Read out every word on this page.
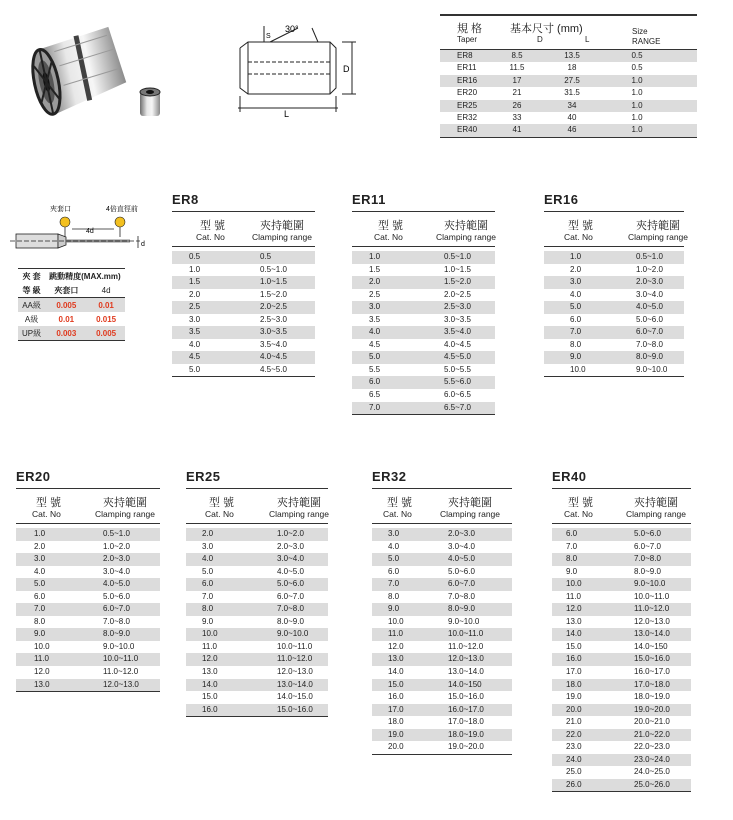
30°
L
D
S
規 格
Taper
基本尺寸 (mm)
D	L
Size
RANGE
ER8	8.5	13.5	0.5
ER11	11.5	18	0.5
ER16	17	27.5	1.0
ER20	21	31.5	1.0
ER25	26	34	1.0
ER32	33	40	1.0
ER40	41	46	1.0
夾套口	4倍直徑前
4d
d
夾 套	跳動精度(MAX.mm)	
等 級	夾套口	4d
AA級	0.005	0.01
A級	0.01	0.015
UP級	0.003	0.005
ER8
型 號
Cat. No
夾持範圍
Clamping range
0.5	0.5
1.0	0.5~1.0
1.5	1.0~1.5
2.0	1.5~2.0
2.5	2.0~2.5
3.0	2.5~3.0
3.5	3.0~3.5
4.0	3.5~4.0
4.5	4.0~4.5
5.0	4.5~5.0
ER11
型 號
Cat. No
夾持範圍
Clamping range
1.0	0.5~1.0
1.5	1.0~1.5
2.0	1.5~2.0
2.5	2.0~2.5
3.0	2.5~3.0
3.5	3.0~3.5
4.0	3.5~4.0
4.5	4.0~4.5
5.0	4.5~5.0
5.5	5.0~5.5
6.0	5.5~6.0
6.5	6.0~6.5
7.0	6.5~7.0
ER16
型 號
Cat. No
夾持範圍
Clamping range
1.0	0.5~1.0
2.0	1.0~2.0
3.0	2.0~3.0
4.0	3.0~4.0
5.0	4.0~5.0
6.0	5.0~6.0
7.0	6.0~7.0
8.0	7.0~8.0
9.0	8.0~9.0
10.0	9.0~10.0
ER20
型 號
Cat. No
夾持範圍
Clamping range
1.0	0.5~1.0
2.0	1.0~2.0
3.0	2.0~3.0
4.0	3.0~4.0
5.0	4.0~5.0
6.0	5.0~6.0
7.0	6.0~7.0
8.0	7.0~8.0
9.0	8.0~9.0
10.0	9.0~10.0
11.0	10.0~11.0
12.0	11.0~12.0
13.0	12.0~13.0
ER25
型 號
Cat. No
夾持範圍
Clamping range
2.0	1.0~2.0
3.0	2.0~3.0
4.0	3.0~4.0
5.0	4.0~5.0
6.0	5.0~6.0
7.0	6.0~7.0
8.0	7.0~8.0
9.0	8.0~9.0
10.0	9.0~10.0
11.0	10.0~11.0
12.0	11.0~12.0
13.0	12.0~13.0
14.0	13.0~14.0
15.0	14.0~15.0
16.0	15.0~16.0
ER32
型 號
Cat. No
夾持範圍
Clamping range
3.0	2.0~3.0
4.0	3.0~4.0
5.0	4.0~5.0
6.0	5.0~6.0
7.0	6.0~7.0
8.0	7.0~8.0
9.0	8.0~9.0
10.0	9.0~10.0
11.0	10.0~11.0
12.0	11.0~12.0
13.0	12.0~13.0
14.0	13.0~14.0
15.0	14.0~150
16.0	15.0~16.0
17.0	16.0~17.0
18.0	17.0~18.0
19.0	18.0~19.0
20.0	19.0~20.0
ER40
型 號
Cat. No
夾持範圍
Clamping range
6.0	5.0~6.0
7.0	6.0~7.0
8.0	7.0~8.0
9.0	8.0~9.0
10.0	9.0~10.0
11.0	10.0~11.0
12.0	11.0~12.0
13.0	12.0~13.0
14.0	13.0~14.0
15.0	14.0~150
16.0	15.0~16.0
17.0	16.0~17.0
18.0	17.0~18.0
19.0	18.0~19.0
20.0	19.0~20.0
21.0	20.0~21.0
22.0	21.0~22.0
23.0	22.0~23.0
24.0	23.0~24.0
25.0	24.0~25.0
26.0	25.0~26.0
